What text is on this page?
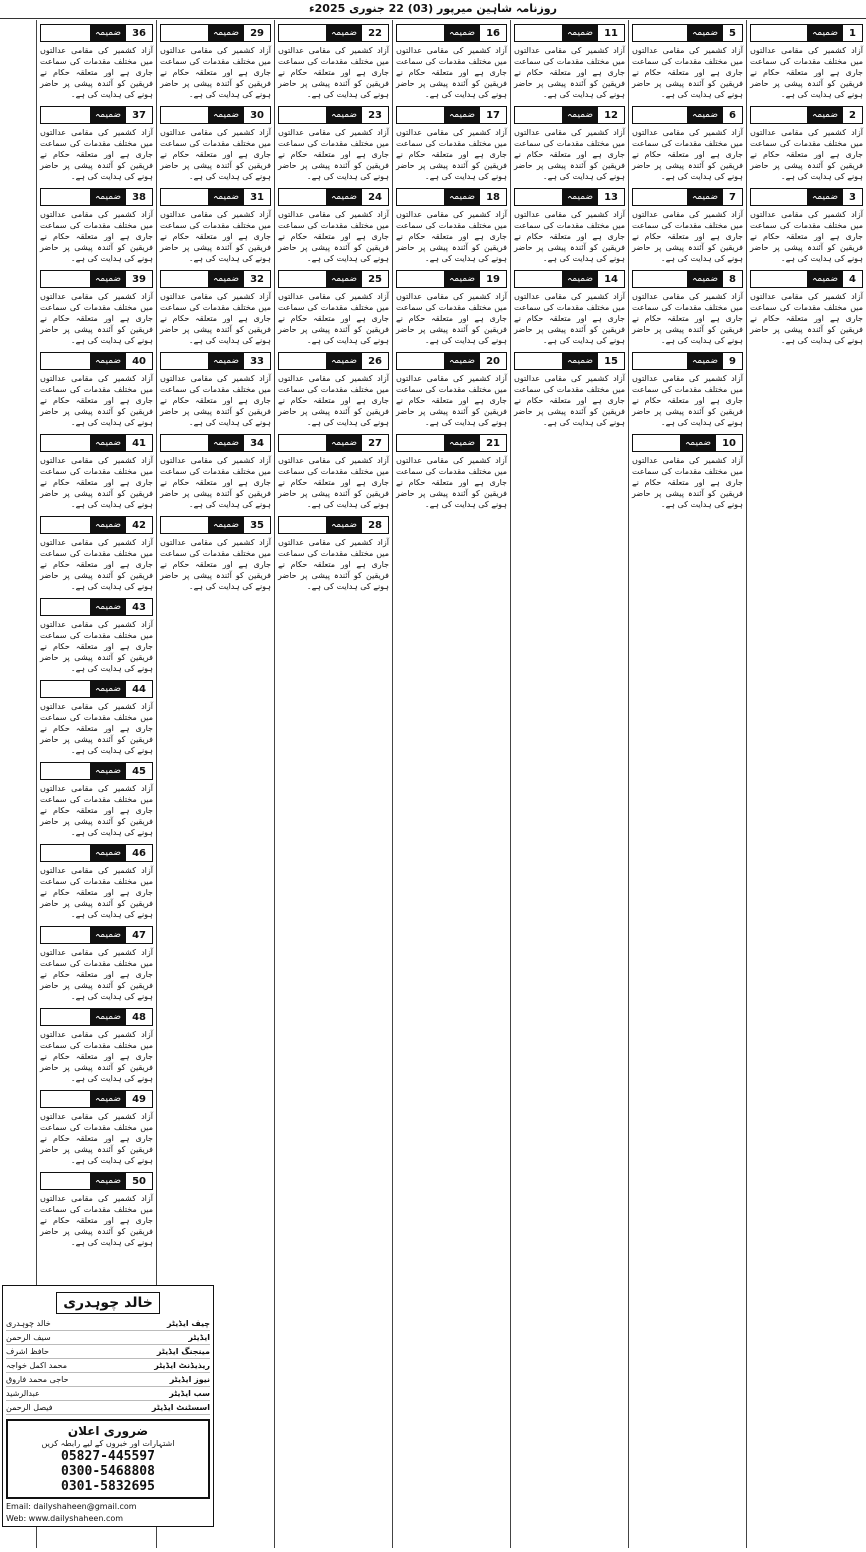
روزنامہ شاہین میرپور (03) 22 جنوری 2025ء
1
ضمیمہ
آزاد کشمیر کی مقامی عدالتوں میں مختلف مقدمات کی سماعت جاری ہے اور متعلقہ حکام نے فریقین کو آئندہ پیشی پر حاضر ہونے کی ہدایت کی ہے۔
2
ضمیمہ
آزاد کشمیر کی مقامی عدالتوں میں مختلف مقدمات کی سماعت جاری ہے اور متعلقہ حکام نے فریقین کو آئندہ پیشی پر حاضر ہونے کی ہدایت کی ہے۔
3
ضمیمہ
آزاد کشمیر کی مقامی عدالتوں میں مختلف مقدمات کی سماعت جاری ہے اور متعلقہ حکام نے فریقین کو آئندہ پیشی پر حاضر ہونے کی ہدایت کی ہے۔
4
ضمیمہ
آزاد کشمیر کی مقامی عدالتوں میں مختلف مقدمات کی سماعت جاری ہے اور متعلقہ حکام نے فریقین کو آئندہ پیشی پر حاضر ہونے کی ہدایت کی ہے۔
5
ضمیمہ
آزاد کشمیر کی مقامی عدالتوں میں مختلف مقدمات کی سماعت جاری ہے اور متعلقہ حکام نے فریقین کو آئندہ پیشی پر حاضر ہونے کی ہدایت کی ہے۔
6
ضمیمہ
آزاد کشمیر کی مقامی عدالتوں میں مختلف مقدمات کی سماعت جاری ہے اور متعلقہ حکام نے فریقین کو آئندہ پیشی پر حاضر ہونے کی ہدایت کی ہے۔
7
ضمیمہ
آزاد کشمیر کی مقامی عدالتوں میں مختلف مقدمات کی سماعت جاری ہے اور متعلقہ حکام نے فریقین کو آئندہ پیشی پر حاضر ہونے کی ہدایت کی ہے۔
8
ضمیمہ
آزاد کشمیر کی مقامی عدالتوں میں مختلف مقدمات کی سماعت جاری ہے اور متعلقہ حکام نے فریقین کو آئندہ پیشی پر حاضر ہونے کی ہدایت کی ہے۔
9
ضمیمہ
آزاد کشمیر کی مقامی عدالتوں میں مختلف مقدمات کی سماعت جاری ہے اور متعلقہ حکام نے فریقین کو آئندہ پیشی پر حاضر ہونے کی ہدایت کی ہے۔
10
ضمیمہ
آزاد کشمیر کی مقامی عدالتوں میں مختلف مقدمات کی سماعت جاری ہے اور متعلقہ حکام نے فریقین کو آئندہ پیشی پر حاضر ہونے کی ہدایت کی ہے۔
11
ضمیمہ
آزاد کشمیر کی مقامی عدالتوں میں مختلف مقدمات کی سماعت جاری ہے اور متعلقہ حکام نے فریقین کو آئندہ پیشی پر حاضر ہونے کی ہدایت کی ہے۔
12
ضمیمہ
آزاد کشمیر کی مقامی عدالتوں میں مختلف مقدمات کی سماعت جاری ہے اور متعلقہ حکام نے فریقین کو آئندہ پیشی پر حاضر ہونے کی ہدایت کی ہے۔
13
ضمیمہ
آزاد کشمیر کی مقامی عدالتوں میں مختلف مقدمات کی سماعت جاری ہے اور متعلقہ حکام نے فریقین کو آئندہ پیشی پر حاضر ہونے کی ہدایت کی ہے۔
14
ضمیمہ
آزاد کشمیر کی مقامی عدالتوں میں مختلف مقدمات کی سماعت جاری ہے اور متعلقہ حکام نے فریقین کو آئندہ پیشی پر حاضر ہونے کی ہدایت کی ہے۔
15
ضمیمہ
آزاد کشمیر کی مقامی عدالتوں میں مختلف مقدمات کی سماعت جاری ہے اور متعلقہ حکام نے فریقین کو آئندہ پیشی پر حاضر ہونے کی ہدایت کی ہے۔
16
ضمیمہ
آزاد کشمیر کی مقامی عدالتوں میں مختلف مقدمات کی سماعت جاری ہے اور متعلقہ حکام نے فریقین کو آئندہ پیشی پر حاضر ہونے کی ہدایت کی ہے۔
17
ضمیمہ
آزاد کشمیر کی مقامی عدالتوں میں مختلف مقدمات کی سماعت جاری ہے اور متعلقہ حکام نے فریقین کو آئندہ پیشی پر حاضر ہونے کی ہدایت کی ہے۔
18
ضمیمہ
آزاد کشمیر کی مقامی عدالتوں میں مختلف مقدمات کی سماعت جاری ہے اور متعلقہ حکام نے فریقین کو آئندہ پیشی پر حاضر ہونے کی ہدایت کی ہے۔
19
ضمیمہ
آزاد کشمیر کی مقامی عدالتوں میں مختلف مقدمات کی سماعت جاری ہے اور متعلقہ حکام نے فریقین کو آئندہ پیشی پر حاضر ہونے کی ہدایت کی ہے۔
20
ضمیمہ
آزاد کشمیر کی مقامی عدالتوں میں مختلف مقدمات کی سماعت جاری ہے اور متعلقہ حکام نے فریقین کو آئندہ پیشی پر حاضر ہونے کی ہدایت کی ہے۔
21
ضمیمہ
آزاد کشمیر کی مقامی عدالتوں میں مختلف مقدمات کی سماعت جاری ہے اور متعلقہ حکام نے فریقین کو آئندہ پیشی پر حاضر ہونے کی ہدایت کی ہے۔
22
ضمیمہ
آزاد کشمیر کی مقامی عدالتوں میں مختلف مقدمات کی سماعت جاری ہے اور متعلقہ حکام نے فریقین کو آئندہ پیشی پر حاضر ہونے کی ہدایت کی ہے۔
23
ضمیمہ
آزاد کشمیر کی مقامی عدالتوں میں مختلف مقدمات کی سماعت جاری ہے اور متعلقہ حکام نے فریقین کو آئندہ پیشی پر حاضر ہونے کی ہدایت کی ہے۔
24
ضمیمہ
آزاد کشمیر کی مقامی عدالتوں میں مختلف مقدمات کی سماعت جاری ہے اور متعلقہ حکام نے فریقین کو آئندہ پیشی پر حاضر ہونے کی ہدایت کی ہے۔
25
ضمیمہ
آزاد کشمیر کی مقامی عدالتوں میں مختلف مقدمات کی سماعت جاری ہے اور متعلقہ حکام نے فریقین کو آئندہ پیشی پر حاضر ہونے کی ہدایت کی ہے۔
26
ضمیمہ
آزاد کشمیر کی مقامی عدالتوں میں مختلف مقدمات کی سماعت جاری ہے اور متعلقہ حکام نے فریقین کو آئندہ پیشی پر حاضر ہونے کی ہدایت کی ہے۔
27
ضمیمہ
آزاد کشمیر کی مقامی عدالتوں میں مختلف مقدمات کی سماعت جاری ہے اور متعلقہ حکام نے فریقین کو آئندہ پیشی پر حاضر ہونے کی ہدایت کی ہے۔
28
ضمیمہ
آزاد کشمیر کی مقامی عدالتوں میں مختلف مقدمات کی سماعت جاری ہے اور متعلقہ حکام نے فریقین کو آئندہ پیشی پر حاضر ہونے کی ہدایت کی ہے۔
29
ضمیمہ
آزاد کشمیر کی مقامی عدالتوں میں مختلف مقدمات کی سماعت جاری ہے اور متعلقہ حکام نے فریقین کو آئندہ پیشی پر حاضر ہونے کی ہدایت کی ہے۔
30
ضمیمہ
آزاد کشمیر کی مقامی عدالتوں میں مختلف مقدمات کی سماعت جاری ہے اور متعلقہ حکام نے فریقین کو آئندہ پیشی پر حاضر ہونے کی ہدایت کی ہے۔
31
ضمیمہ
آزاد کشمیر کی مقامی عدالتوں میں مختلف مقدمات کی سماعت جاری ہے اور متعلقہ حکام نے فریقین کو آئندہ پیشی پر حاضر ہونے کی ہدایت کی ہے۔
32
ضمیمہ
آزاد کشمیر کی مقامی عدالتوں میں مختلف مقدمات کی سماعت جاری ہے اور متعلقہ حکام نے فریقین کو آئندہ پیشی پر حاضر ہونے کی ہدایت کی ہے۔
33
ضمیمہ
آزاد کشمیر کی مقامی عدالتوں میں مختلف مقدمات کی سماعت جاری ہے اور متعلقہ حکام نے فریقین کو آئندہ پیشی پر حاضر ہونے کی ہدایت کی ہے۔
34
ضمیمہ
آزاد کشمیر کی مقامی عدالتوں میں مختلف مقدمات کی سماعت جاری ہے اور متعلقہ حکام نے فریقین کو آئندہ پیشی پر حاضر ہونے کی ہدایت کی ہے۔
35
ضمیمہ
آزاد کشمیر کی مقامی عدالتوں میں مختلف مقدمات کی سماعت جاری ہے اور متعلقہ حکام نے فریقین کو آئندہ پیشی پر حاضر ہونے کی ہدایت کی ہے۔
36
ضمیمہ
آزاد کشمیر کی مقامی عدالتوں میں مختلف مقدمات کی سماعت جاری ہے اور متعلقہ حکام نے فریقین کو آئندہ پیشی پر حاضر ہونے کی ہدایت کی ہے۔
37
ضمیمہ
آزاد کشمیر کی مقامی عدالتوں میں مختلف مقدمات کی سماعت جاری ہے اور متعلقہ حکام نے فریقین کو آئندہ پیشی پر حاضر ہونے کی ہدایت کی ہے۔
38
ضمیمہ
آزاد کشمیر کی مقامی عدالتوں میں مختلف مقدمات کی سماعت جاری ہے اور متعلقہ حکام نے فریقین کو آئندہ پیشی پر حاضر ہونے کی ہدایت کی ہے۔
39
ضمیمہ
آزاد کشمیر کی مقامی عدالتوں میں مختلف مقدمات کی سماعت جاری ہے اور متعلقہ حکام نے فریقین کو آئندہ پیشی پر حاضر ہونے کی ہدایت کی ہے۔
40
ضمیمہ
آزاد کشمیر کی مقامی عدالتوں میں مختلف مقدمات کی سماعت جاری ہے اور متعلقہ حکام نے فریقین کو آئندہ پیشی پر حاضر ہونے کی ہدایت کی ہے۔
41
ضمیمہ
آزاد کشمیر کی مقامی عدالتوں میں مختلف مقدمات کی سماعت جاری ہے اور متعلقہ حکام نے فریقین کو آئندہ پیشی پر حاضر ہونے کی ہدایت کی ہے۔
42
ضمیمہ
آزاد کشمیر کی مقامی عدالتوں میں مختلف مقدمات کی سماعت جاری ہے اور متعلقہ حکام نے فریقین کو آئندہ پیشی پر حاضر ہونے کی ہدایت کی ہے۔
43
ضمیمہ
آزاد کشمیر کی مقامی عدالتوں میں مختلف مقدمات کی سماعت جاری ہے اور متعلقہ حکام نے فریقین کو آئندہ پیشی پر حاضر ہونے کی ہدایت کی ہے۔
44
ضمیمہ
آزاد کشمیر کی مقامی عدالتوں میں مختلف مقدمات کی سماعت جاری ہے اور متعلقہ حکام نے فریقین کو آئندہ پیشی پر حاضر ہونے کی ہدایت کی ہے۔
45
ضمیمہ
آزاد کشمیر کی مقامی عدالتوں میں مختلف مقدمات کی سماعت جاری ہے اور متعلقہ حکام نے فریقین کو آئندہ پیشی پر حاضر ہونے کی ہدایت کی ہے۔
46
ضمیمہ
آزاد کشمیر کی مقامی عدالتوں میں مختلف مقدمات کی سماعت جاری ہے اور متعلقہ حکام نے فریقین کو آئندہ پیشی پر حاضر ہونے کی ہدایت کی ہے۔
47
ضمیمہ
آزاد کشمیر کی مقامی عدالتوں میں مختلف مقدمات کی سماعت جاری ہے اور متعلقہ حکام نے فریقین کو آئندہ پیشی پر حاضر ہونے کی ہدایت کی ہے۔
48
ضمیمہ
آزاد کشمیر کی مقامی عدالتوں میں مختلف مقدمات کی سماعت جاری ہے اور متعلقہ حکام نے فریقین کو آئندہ پیشی پر حاضر ہونے کی ہدایت کی ہے۔
49
ضمیمہ
آزاد کشمیر کی مقامی عدالتوں میں مختلف مقدمات کی سماعت جاری ہے اور متعلقہ حکام نے فریقین کو آئندہ پیشی پر حاضر ہونے کی ہدایت کی ہے۔
50
ضمیمہ
آزاد کشمیر کی مقامی عدالتوں میں مختلف مقدمات کی سماعت جاری ہے اور متعلقہ حکام نے فریقین کو آئندہ پیشی پر حاضر ہونے کی ہدایت کی ہے۔
خالد چوہدری
چیف ایڈیٹر
خالد چوہدری
ایڈیٹر
سیف الرحمن
مینجنگ ایڈیٹر
حافظ اشرف
ریذیڈنٹ ایڈیٹر
محمد اکمل خواجہ
نیوز ایڈیٹر
حاجی محمد فاروق
سب ایڈیٹر
عبدالرشید
اسسٹنٹ ایڈیٹر
فیصل الرحمن
ضروری اعلان
اشتہارات اور خبروں کے لیے رابطہ کریں
05827-445597
0300-5468808
0301-5832695
Email: dailyshaheen@gmail.com
Web: www.dailyshaheen.com
